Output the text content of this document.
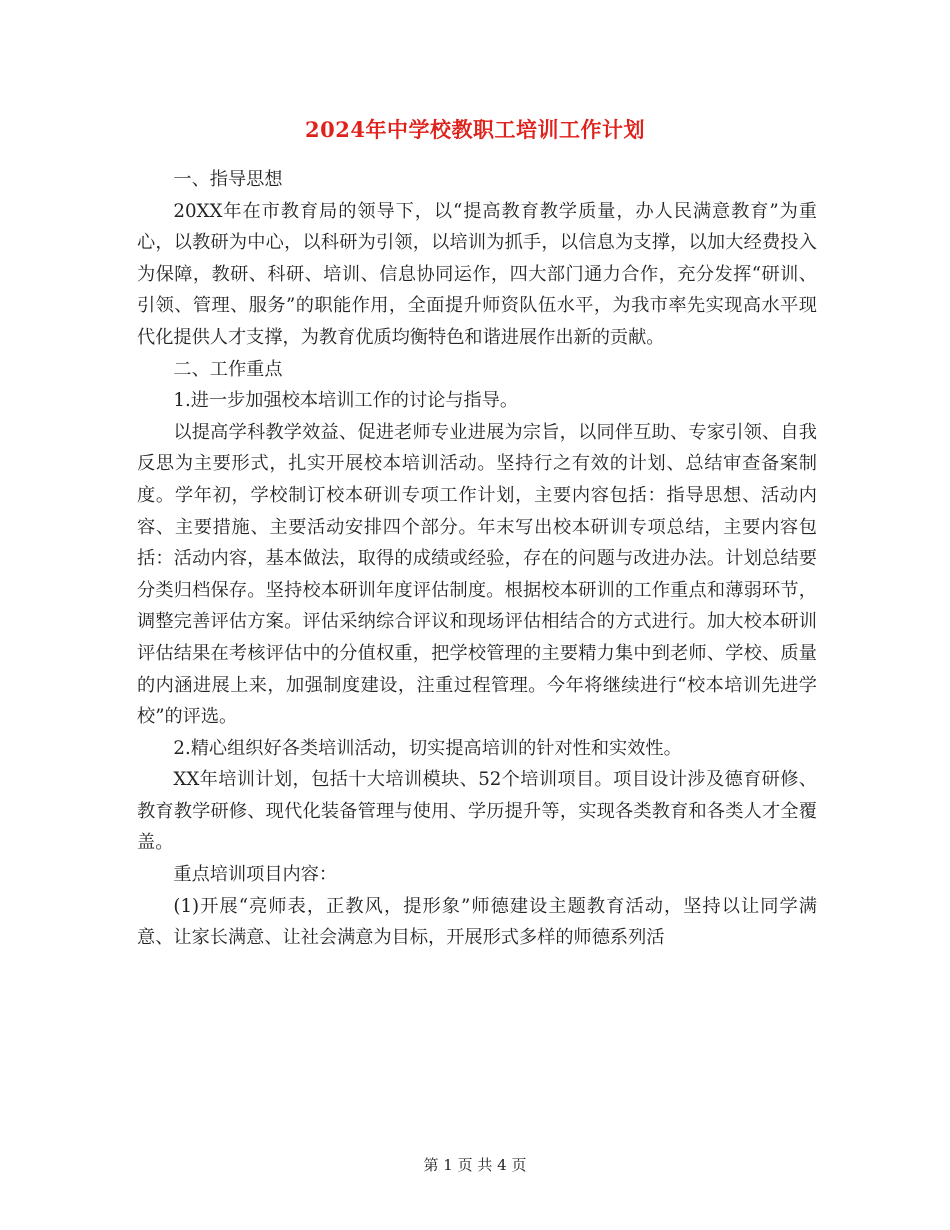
2024年中学校教职工培训工作计划

一、指导思想

20XX年在市教育局的领导下，以“提高教育教学质量，办人民满意教育”为重心，以教研为中心，以科研为引领，以培训为抓手，以信息为支撑，以加大经费投入为保障，教研、科研、培训、信息协同运作，四大部门通力合作，充分发挥“研训、引领、管理、服务”的职能作用，全面提升师资队伍水平，为我市率先实现高水平现代化提供人才支撑，为教育优质均衡特色和谐进展作出新的贡献。

二、工作重点

1.进一步加强校本培训工作的讨论与指导。

以提高学科教学效益、促进老师专业进展为宗旨，以同伴互助、专家引领、自我反思为主要形式，扎实开展校本培训活动。坚持行之有效的计划、总结审查备案制度。学年初，学校制订校本研训专项工作计划，主要内容包括：指导思想、活动内容、主要措施、主要活动安排四个部分。年末写出校本研训专项总结，主要内容包括：活动内容，基本做法，取得的成绩或经验，存在的问题与改进办法。计划总结要分类归档保存。坚持校本研训年度评估制度。根据校本研训的工作重点和薄弱环节，调整完善评估方案。评估采纳综合评议和现场评估相结合的方式进行。加大校本研训评估结果在考核评估中的分值权重，把学校管理的主要精力集中到老师、学校、质量的内涵进展上来，加强制度建设，注重过程管理。今年将继续进行“校本培训先进学校”的评选。

2.精心组织好各类培训活动，切实提高培训的针对性和实效性。

XX年培训计划，包括十大培训模块、52个培训项目。项目设计涉及德育研修、教育教学研修、现代化装备管理与使用、学历提升等，实现各类教育和各类人才全覆盖。

重点培训项目内容：

(1)开展“亮师表，正教风，提形象”师德建设主题教育活动，坚持以让同学满意、让家长满意、让社会满意为目标，开展形式多样的师德系列活

第 1 页 共 4 页
